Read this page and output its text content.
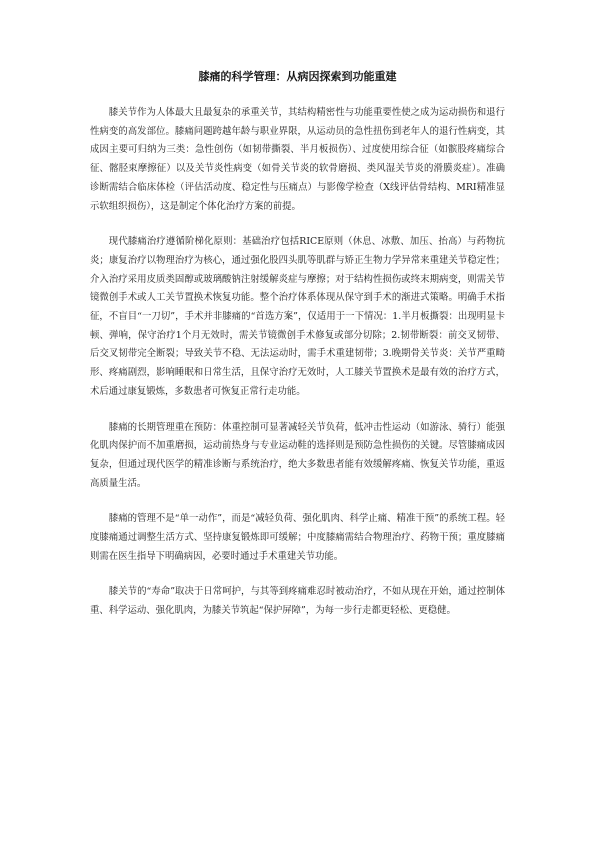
膝痛的科学管理：从病因探索到功能重建

膝关节作为人体最大且最复杂的承重关节，其结构精密性与功能重要性使之成为运动损伤和退行性病变的高发部位。膝痛问题跨越年龄与职业界限，从运动员的急性扭伤到老年人的退行性病变，其成因主要可归纳为三类：急性创伤（如韧带撕裂、半月板损伤）、过度使用综合征（如髌股疼痛综合征、髂胫束摩擦征）以及关节炎性病变（如骨关节炎的软骨磨损、类风湿关节炎的滑膜炎症）。准确诊断需结合临床体检（评估活动度、稳定性与压痛点）与影像学检查（X线评估骨结构、MRI精准显示软组织损伤），这是制定个体化治疗方案的前提。

现代膝痛治疗遵循阶梯化原则：基础治疗包括RICE原则（休息、冰敷、加压、抬高）与药物抗炎；康复治疗以物理治疗为核心，通过强化股四头肌等肌群与矫正生物力学异常来重建关节稳定性；介入治疗采用皮质类固醇或玻璃酸钠注射缓解炎症与摩擦；对于结构性损伤或终末期病变，则需关节镜微创手术或人工关节置换术恢复功能。整个治疗体系体现从保守到手术的渐进式策略。明确手术指征，不盲目“一刀切”，手术并非膝痛的“首选方案”，仅适用于一下情况：1.半月板撕裂：出现明显卡顿、弹响，保守治疗1个月无效时，需关节镜微创手术修复或部分切除；2.韧带断裂：前交叉韧带、后交叉韧带完全断裂；导致关节不稳、无法运动时，需手术重建韧带；3.晚期骨关节炎：关节严重畸形、疼痛剧烈，影响睡眠和日常生活，且保守治疗无效时，人工膝关节置换术是最有效的治疗方式，术后通过康复锻炼，多数患者可恢复正常行走功能。

膝痛的长期管理重在预防：体重控制可显著减轻关节负荷，低冲击性运动（如游泳、骑行）能强化肌肉保护而不加重磨损，运动前热身与专业运动鞋的选择则是预防急性损伤的关键。尽管膝痛成因复杂，但通过现代医学的精准诊断与系统治疗，绝大多数患者能有效缓解疼痛、恢复关节功能，重返高质量生活。

膝痛的管理不是“单一动作”，而是“减轻负荷、强化肌肉、科学止痛、精准干预”的系统工程。轻度膝痛通过调整生活方式、坚持康复锻炼即可缓解；中度膝痛需结合物理治疗、药物干预；重度膝痛则需在医生指导下明确病因，必要时通过手术重建关节功能。

膝关节的“寿命”取决于日常呵护，与其等到疼痛难忍时被动治疗，不如从现在开始，通过控制体重、科学运动、强化肌肉，为膝关节筑起“保护屏障”，为每一步行走都更轻松、更稳健。
